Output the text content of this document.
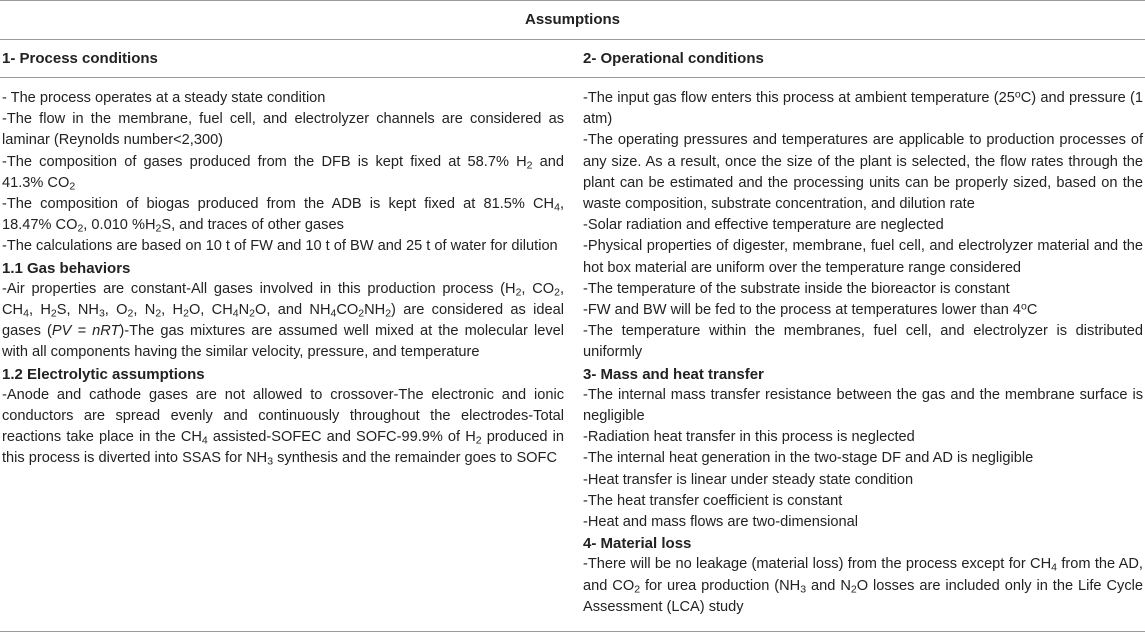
Assumptions
1- Process conditions	2- Operational conditions

- The process operates at a steady state condition

-The flow in the membrane, fuel cell, and electrolyzer channels are considered as laminar (Reynolds number<2,300)

-The composition of gases produced from the DFB is kept fixed at 58.7% $H_2$ and 41.3% $CO_2$

-The composition of biogas produced from the ADB is kept fixed at 81.5% $CH_4$, 18.47% $CO_2$, 0.010 $\%H_2S$, and traces of other gases

-The calculations are based on 10 t of FW and 10 t of BW and 25 t of water for dilution

1.1 Gas behaviors

-Air properties are constant-All gases involved in this production process ($H_2$, $CO_2$, $CH_4$, $H_2S$, $NH_3$, $O_2$, $N_2$, $H_2O$, $CH_4N_2O$, and $NH_4CO_2NH_2$) are considered as ideal gases (PV = nRT)-The gas mixtures are assumed well mixed at the molecular level with all components having the similar velocity, pressure, and temperature

1.2 Electrolytic assumptions

-Anode and cathode gases are not allowed to crossover-The electronic and ionic conductors are spread evenly and continuously throughout the electrodes-Total reactions take place in the $CH_4$ assisted-SOFEC and SOFC-99.9% of $H_2$ produced in this process is diverted into SSAS for $NH_3$ synthesis and the remainder goes to SOFC

-The input gas flow enters this process at ambient temperature (25$^o$C) and pressure (1 atm)

-The operating pressures and temperatures are applicable to production processes of any size. As a result, once the size of the plant is selected, the flow rates through the plant can be estimated and the processing units can be properly sized, based on the waste composition, substrate concentration, and dilution rate

-Solar radiation and effective temperature are neglected

-Physical properties of digester, membrane, fuel cell, and electrolyzer material and the hot box material are uniform over the temperature range considered

-The temperature of the substrate inside the bioreactor is constant

-FW and BW will be fed to the process at temperatures lower than 4$^o$C

-The temperature within the membranes, fuel cell, and electrolyzer is distributed uniformly

3- Mass and heat transfer

-The internal mass transfer resistance between the gas and the membrane surface is negligible

-Radiation heat transfer in this process is neglected

-The internal heat generation in the two-stage DF and AD is negligible

-Heat transfer is linear under steady state condition

-The heat transfer coefficient is constant

-Heat and mass flows are two-dimensional

4- Material loss

-There will be no leakage (material loss) from the process except for $CH_4$ from the AD, and $CO_2$ for urea production ($NH_3$ and $N_2O$ losses are included only in the Life Cycle Assessment (LCA) study
